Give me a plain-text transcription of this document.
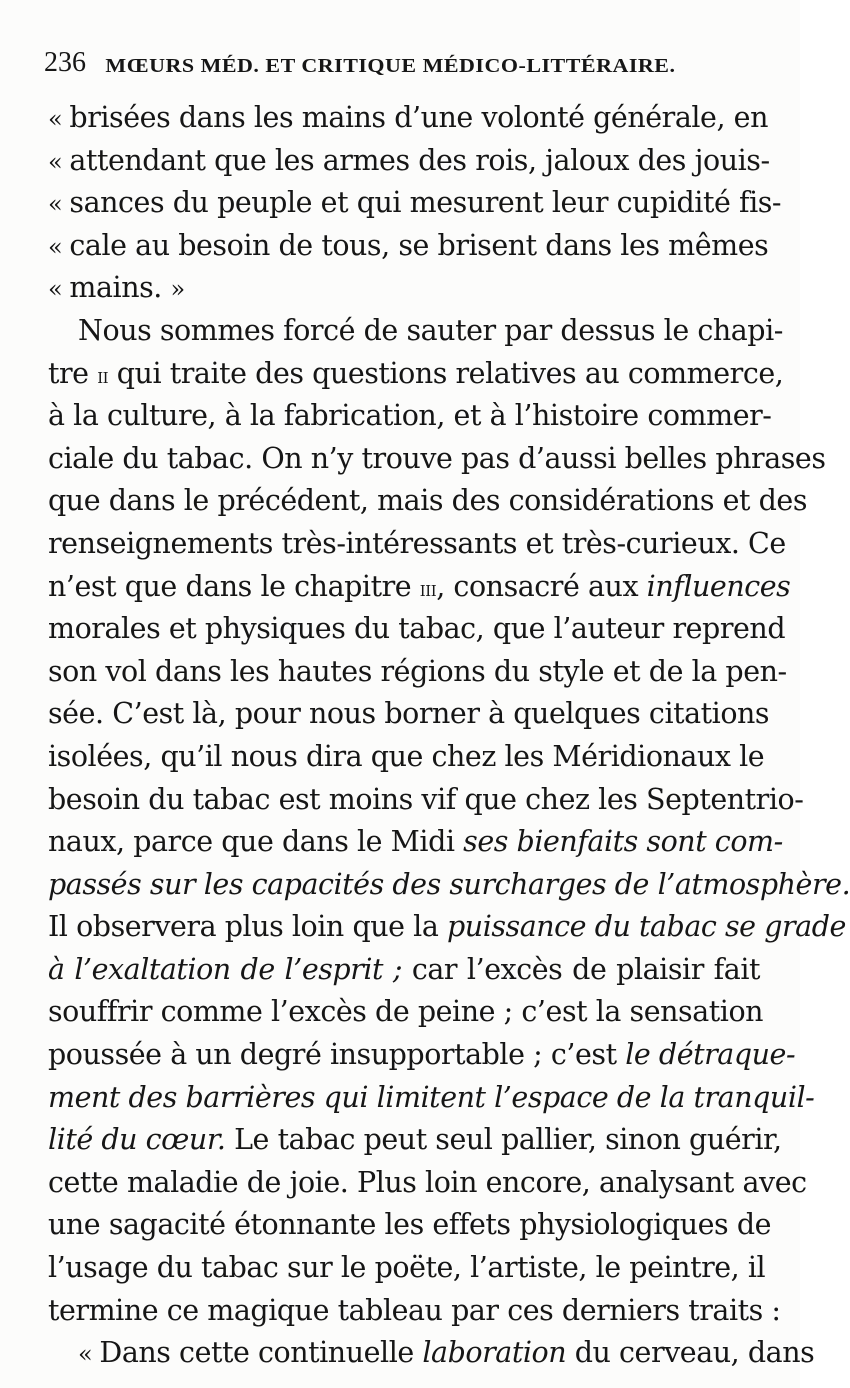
236 MŒURS MÉD. ET CRITIQUE MÉDICO-LITTÉRAIRE.
« brisées dans les mains d’une volonté générale, en
« attendant que les armes des rois, jaloux des jouis-
« sances du peuple et qui mesurent leur cupidité fis-
« cale au besoin de tous, se brisent dans les mêmes
« mains. »
Nous sommes forcé de sauter par dessus le chapi-
tre ii qui traite des questions relatives au commerce,
à la culture, à la fabrication, et à l’histoire commer-
ciale du tabac. On n’y trouve pas d’aussi belles phrases
que dans le précédent, mais des considérations et des
renseignements très-intéressants et très-curieux. Ce
n’est que dans le chapitre iii, consacré aux influences
morales et physiques du tabac, que l’auteur reprend
son vol dans les hautes régions du style et de la pen-
sée. C’est là, pour nous borner à quelques citations
isolées, qu’il nous dira que chez les Méridionaux le
besoin du tabac est moins vif que chez les Septentrio-
naux, parce que dans le Midi ses bienfaits sont com-
passés sur les capacités des surcharges de l’atmosphère.
Il observera plus loin que la puissance du tabac se grade
à l’exaltation de l’esprit ; car l’excès de plaisir fait
souffrir comme l’excès de peine ; c’est la sensation
poussée à un degré insupportable ; c’est le détraque-
ment des barrières qui limitent l’espace de la tranquil-
lité du cœur. Le tabac peut seul pallier, sinon guérir,
cette maladie de joie. Plus loin encore, analysant avec
une sagacité étonnante les effets physiologiques de
l’usage du tabac sur le poëte, l’artiste, le peintre, il
termine ce magique tableau par ces derniers traits :
« Dans cette continuelle laboration du cerveau, dans
